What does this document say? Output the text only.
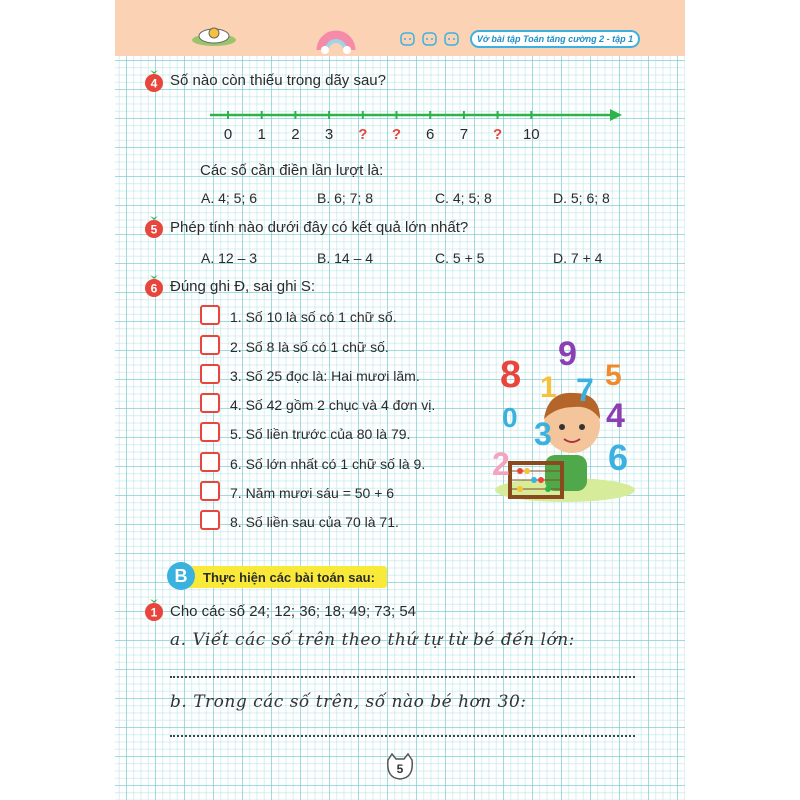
Vở bài tập Toán tăng cường 2 - tập 1
4 Số nào còn thiếu trong dãy sau?
0 1 2 3 ? ? 6 7 ? 10
Các số cần điền lần lượt là:
A. 4; 5; 6	B. 6; 7; 8	C. 4; 5; 8	D. 5; 6; 8
5 Phép tính nào dưới đây có kết quả lớn nhất?
A. 12 – 3	B. 14 – 4	C. 5 + 5	D. 7 + 4
6 Đúng ghi Đ, sai ghi S:
1. Số 10 là số có 1 chữ số.
2. Số 8 là số có 1 chữ số.
3. Số 25 đọc là: Hai mươi lăm.
4. Số 42 gồm 2 chục và 4 đơn vị.
5. Số liền trước của 80 là 79.
6. Số lớn nhất có 1 chữ số là 9.
7. Năm mươi sáu = 50 + 6
8. Số liền sau của 70 là 71.
8 9
1 7 5
0 3 4
2	6
B Thực hiện các bài toán sau:
1 Cho các số 24; 12; 36; 18; 49; 73; 54
a. Viết các số trên theo thứ tự từ bé đến lớn:
b. Trong các số trên, số nào bé hơn 30:
5
